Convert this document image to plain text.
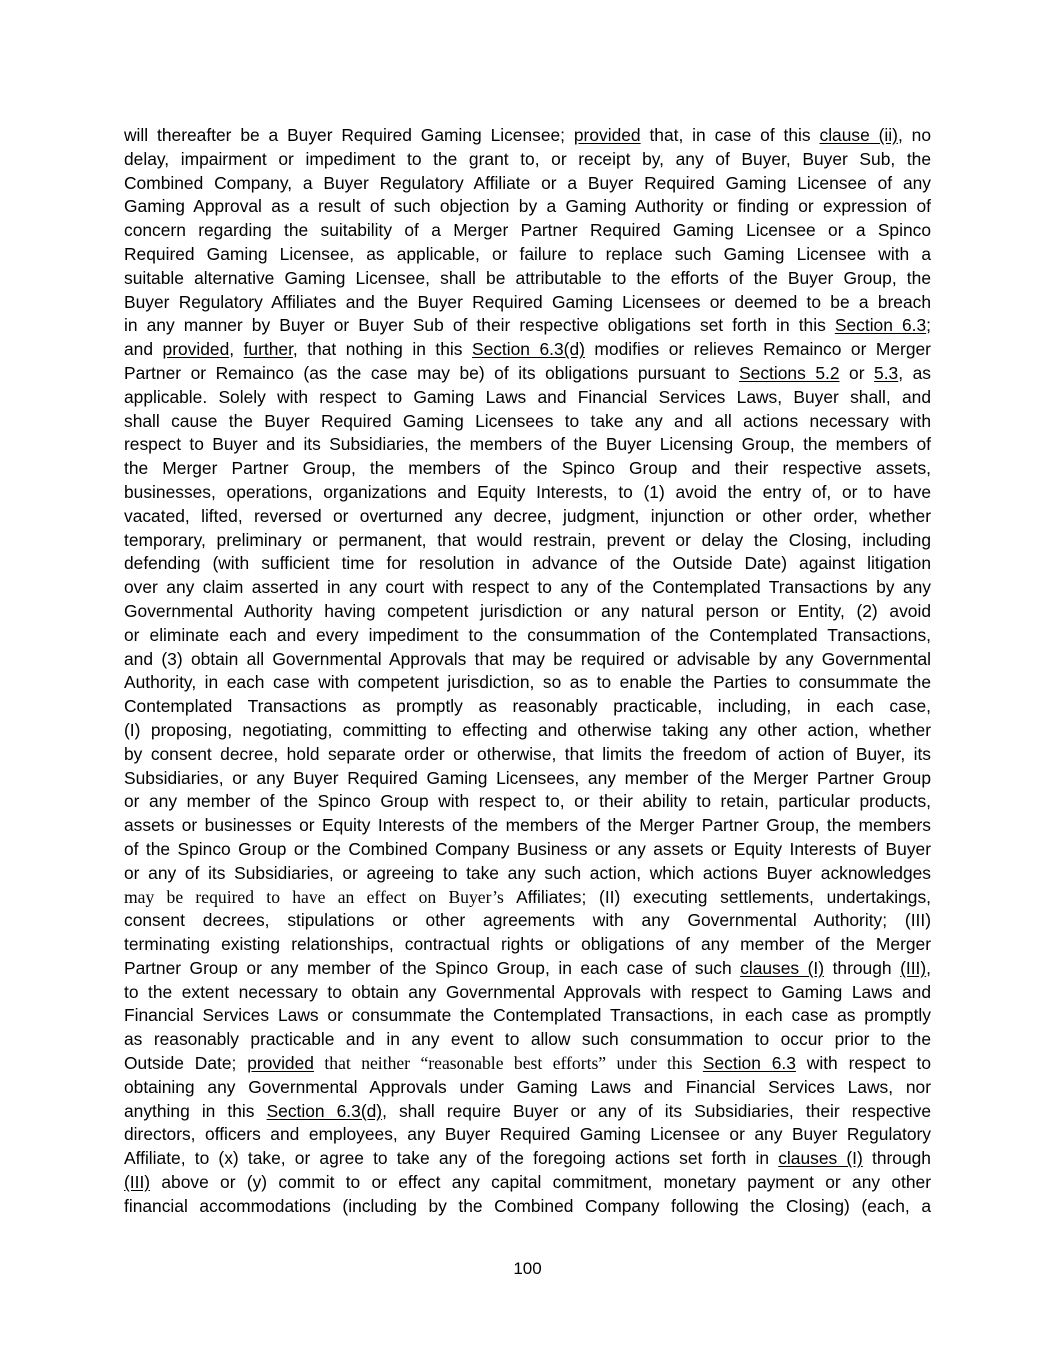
will thereafter be a Buyer Required Gaming Licensee; provided that, in case of this clause (ii), no
delay, impairment or impediment to the grant to, or receipt by, any of Buyer, Buyer Sub, the
Combined Company, a Buyer Regulatory Affiliate or a Buyer Required Gaming Licensee of any
Gaming Approval as a result of such objection by a Gaming Authority or finding or expression of
concern regarding the suitability of a Merger Partner Required Gaming Licensee or a Spinco
Required Gaming Licensee, as applicable, or failure to replace such Gaming Licensee with a
suitable alternative Gaming Licensee, shall be attributable to the efforts of the Buyer Group, the
Buyer Regulatory Affiliates and the Buyer Required Gaming Licensees or deemed to be a breach
in any manner by Buyer or Buyer Sub of their respective obligations set forth in this Section 6.3;
and provided, further, that nothing in this Section 6.3(d) modifies or relieves Remainco or Merger
Partner or Remainco (as the case may be) of its obligations pursuant to Sections 5.2 or 5.3, as
applicable. Solely with respect to Gaming Laws and Financial Services Laws, Buyer shall, and
shall cause the Buyer Required Gaming Licensees to take any and all actions necessary with
respect to Buyer and its Subsidiaries, the members of the Buyer Licensing Group, the members of
the Merger Partner Group, the members of the Spinco Group and their respective assets,
businesses, operations, organizations and Equity Interests, to (1) avoid the entry of, or to have
vacated, lifted, reversed or overturned any decree, judgment, injunction or other order, whether
temporary, preliminary or permanent, that would restrain, prevent or delay the Closing, including
defending (with sufficient time for resolution in advance of the Outside Date) against litigation
over any claim asserted in any court with respect to any of the Contemplated Transactions by any
Governmental Authority having competent jurisdiction or any natural person or Entity, (2) avoid
or eliminate each and every impediment to the consummation of the Contemplated Transactions,
and (3) obtain all Governmental Approvals that may be required or advisable by any Governmental
Authority, in each case with competent jurisdiction, so as to enable the Parties to consummate the
Contemplated Transactions as promptly as reasonably practicable, including, in each case,
(I) proposing, negotiating, committing to effecting and otherwise taking any other action, whether
by consent decree, hold separate order or otherwise, that limits the freedom of action of Buyer, its
Subsidiaries, or any Buyer Required Gaming Licensees, any member of the Merger Partner Group
or any member of the Spinco Group with respect to, or their ability to retain, particular products,
assets or businesses or Equity Interests of the members of the Merger Partner Group, the members
of the Spinco Group or the Combined Company Business or any assets or Equity Interests of Buyer
or any of its Subsidiaries, or agreeing to take any such action, which actions Buyer acknowledges
may be required to have an effect on Buyer’s Affiliates; (II) executing settlements, undertakings,
consent decrees, stipulations or other agreements with any Governmental Authority; (III)
terminating existing relationships, contractual rights or obligations of any member of the Merger
Partner Group or any member of the Spinco Group, in each case of such clauses (I) through (III),
to the extent necessary to obtain any Governmental Approvals with respect to Gaming Laws and
Financial Services Laws or consummate the Contemplated Transactions, in each case as promptly
as reasonably practicable and in any event to allow such consummation to occur prior to the
Outside Date; provided that neither “reasonable best efforts” under this Section 6.3 with respect to
obtaining any Governmental Approvals under Gaming Laws and Financial Services Laws, nor
anything in this Section 6.3(d), shall require Buyer or any of its Subsidiaries, their respective
directors, officers and employees, any Buyer Required Gaming Licensee or any Buyer Regulatory
Affiliate, to (x) take, or agree to take any of the foregoing actions set forth in clauses (I) through
(III) above or (y) commit to or effect any capital commitment, monetary payment or any other
financial accommodations (including by the Combined Company following the Closing) (each, a
100
